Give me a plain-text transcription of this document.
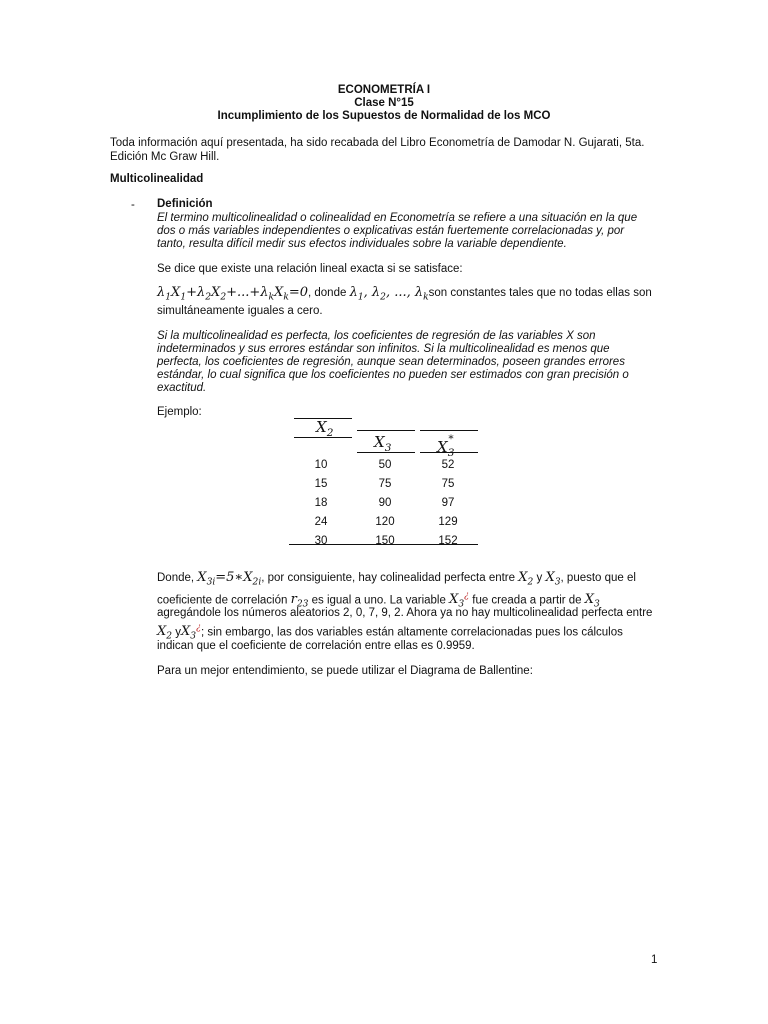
ECONOMETRÍA I
Clase N°15
Incumplimiento de los Supuestos de Normalidad de los MCO
Toda información aquí presentada, ha sido recabada del Libro Econometría de Damodar N. Gujarati, 5ta.
Edición Mc Graw Hill.
Multicolinealidad
- Definición
El termino multicolinealidad o colinealidad en Econometría se refiere a una situación en la que
dos o más variables independientes o explicativas están fuertemente correlacionadas y, por
tanto, resulta difícil medir sus efectos individuales sobre la variable dependiente.
Se dice que existe una relación lineal exacta si se satisface:
$\lambda_1X_1+\lambda_2X_2+...+\lambda_kX_k=0$, donde $\lambda_1$, $\lambda_2$, ..., $\lambda_kson$ constantes tales que no todas ellas son
simultáneamente iguales a cero.
Si la multicolinealidad es perfecta, los coeficientes de regresión de las variables X son
indeterminados y sus errores estándar son infinitos. Si la multicolinealidad es menos que
perfecta, los coeficientes de regresión, aunque sean determinados, poseen grandes errores
estándar, lo cual significa que los coeficientes no pueden ser estimados con gran precisión o
exactitud.
Ejemplo:
$X_2$	$X_3$	$X_3^*$
10	50	52
15	75	75
18	90	97
24	120	129
30	150	152
Donde, $X_{3i}=5∗X_{2i}$, por consiguiente, hay colinealidad perfecta entre $X_2$ y $X_3$, puesto que el
coeficiente de correlación $r_{23}$ es igual a uno. La variable $X_3^¿$ fue creada a partir de $X_3$
agregándole los números aleatorios 2, 0, 7, 9, 2. Ahora ya no hay multicolinealidad perfecta entre
$X_2$ $yX_3^¿$; sin embargo, las dos variables están altamente correlacionadas pues los cálculos
indican que el coeficiente de correlación entre ellas es 0.9959.
Para un mejor entendimiento, se puede utilizar el Diagrama de Ballentine:
1
